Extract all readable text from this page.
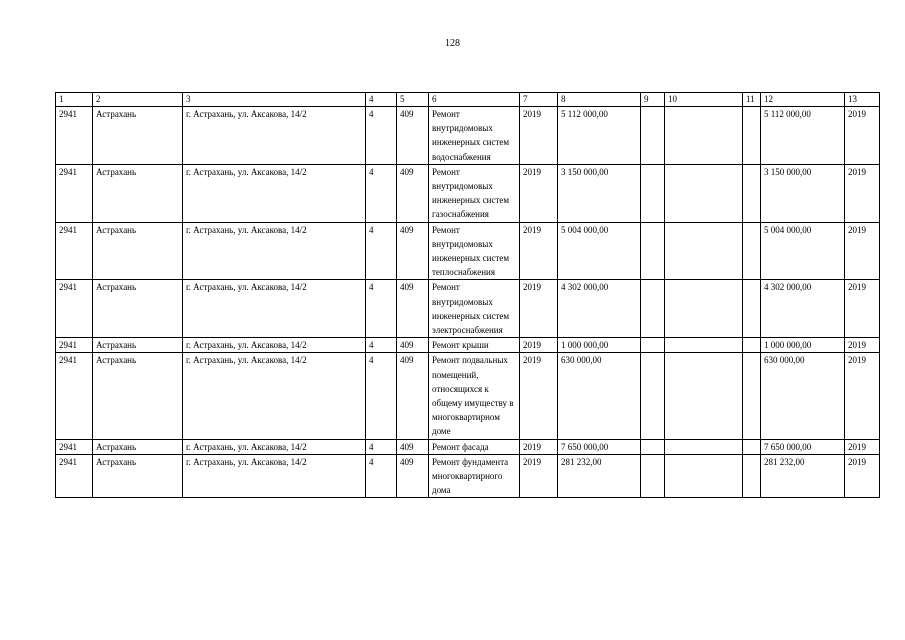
128
1	2	3	4	5	6	7	8	9	10	11	12	13
2941	Астрахань	г. Астрахань, ул. Аксакова, 14/2	4	409	Ремонт внутридомовых инженерных систем водоснабжения	2019	5 112 000,00				5 112 000,00	2019
2941	Астрахань	г. Астрахань, ул. Аксакова, 14/2	4	409	Ремонт внутридомовых инженерных систем газоснабжения	2019	3 150 000,00				3 150 000,00	2019
2941	Астрахань	г. Астрахань, ул. Аксакова, 14/2	4	409	Ремонт внутридомовых инженерных систем теплоснабжения	2019	5 004 000,00				5 004 000,00	2019
2941	Астрахань	г. Астрахань, ул. Аксакова, 14/2	4	409	Ремонт внутридомовых инженерных систем электроснабжения	2019	4 302 000,00				4 302 000,00	2019
2941	Астрахань	г. Астрахань, ул. Аксакова, 14/2	4	409	Ремонт крыши	2019	1 000 000,00				1 000 000,00	2019
2941	Астрахань	г. Астрахань, ул. Аксакова, 14/2	4	409	Ремонт подвальных помещений, относящихся к общему имуществу в многоквартирном доме	2019	630 000,00				630 000,00	2019
2941	Астрахань	г. Астрахань, ул. Аксакова, 14/2	4	409	Ремонт фасада	2019	7 650 000,00				7 650 000,00	2019
2941	Астрахань	г. Астрахань, ул. Аксакова, 14/2	4	409	Ремонт фундамента многоквартирного дома	2019	281 232,00				281 232,00	2019
